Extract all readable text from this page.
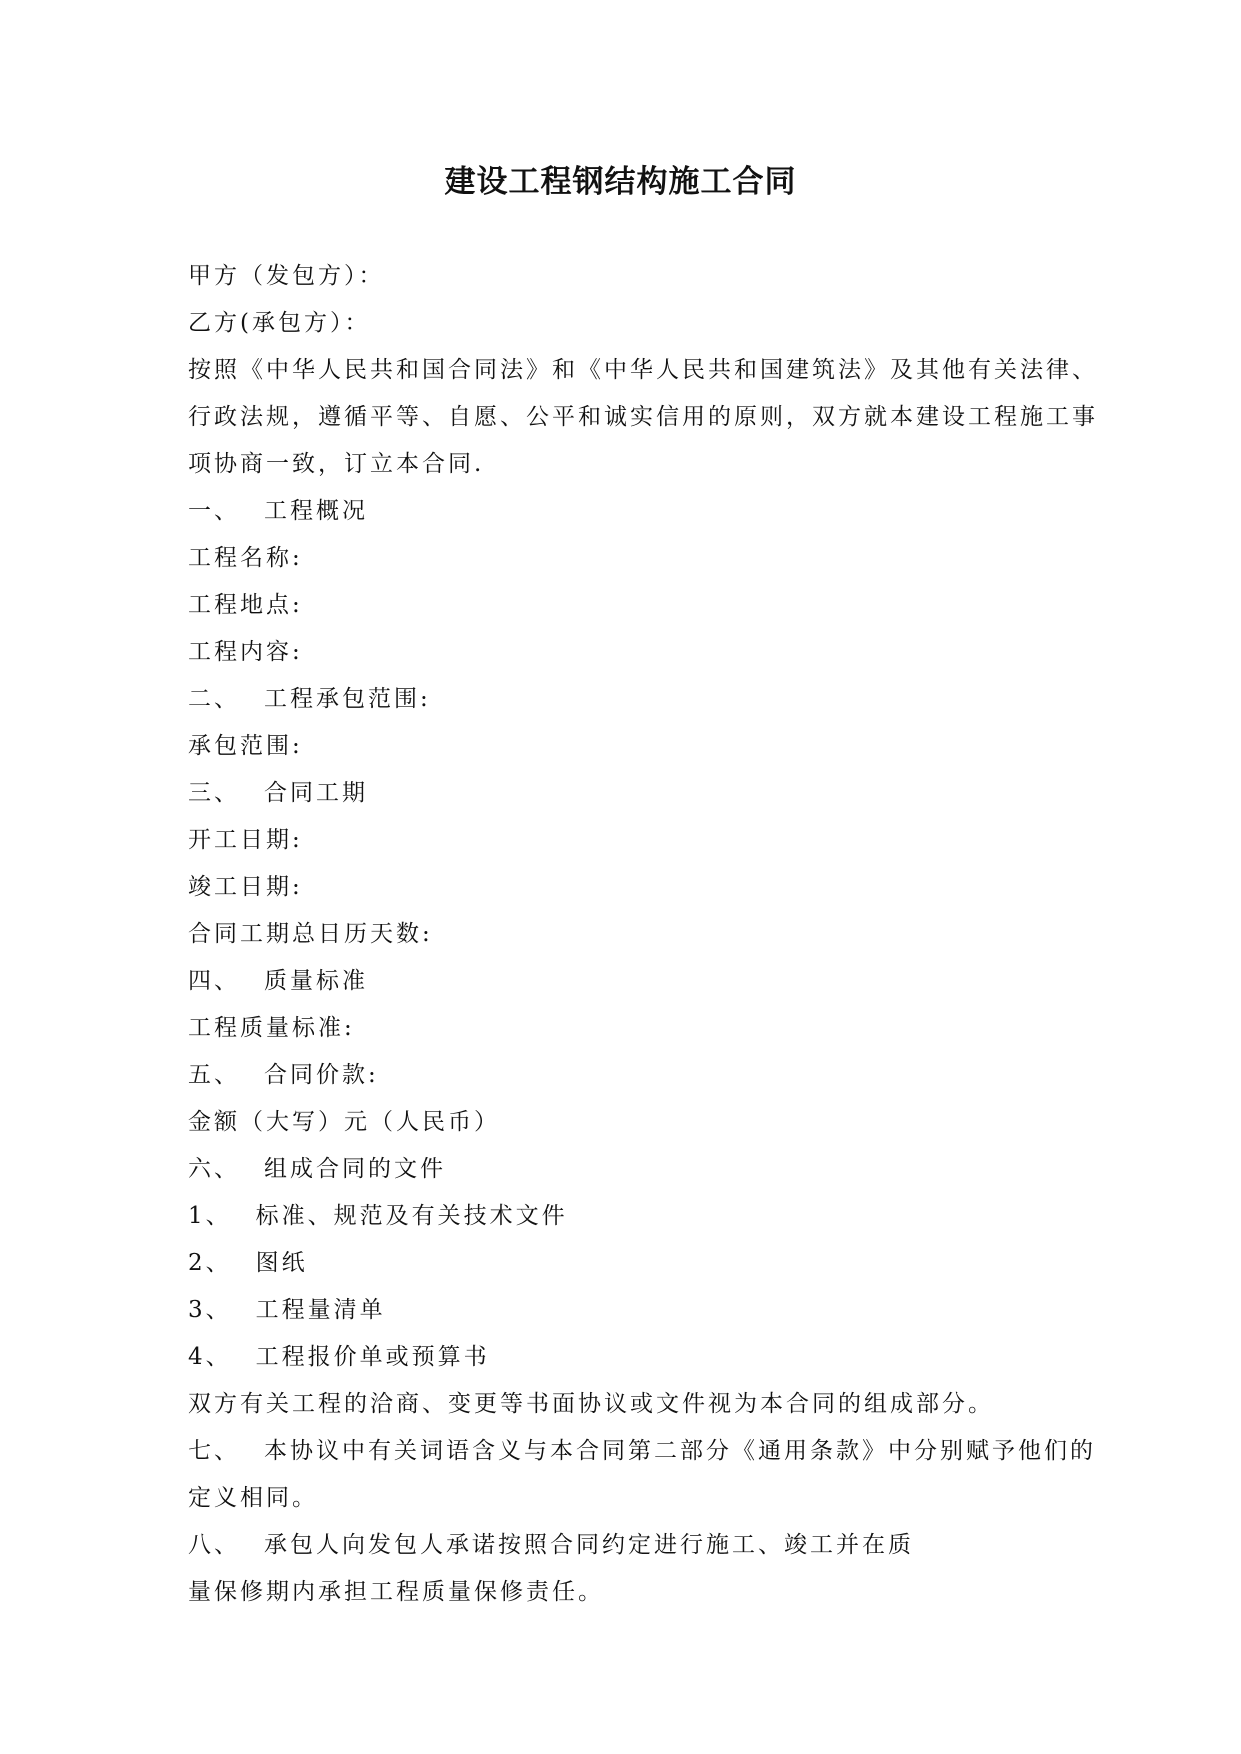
建设工程钢结构施工合同
甲方（发包方）：
乙方(承包方）：
按照《中华人民共和国合同法》和《中华人民共和国建筑法》及其他有关法律、
行政法规，遵循平等、自愿、公平和诚实信用的原则，双方就本建设工程施工事
项协商一致，订立本合同.
一、 工程概况
工程名称:
工程地点:
工程内容:
二、 工程承包范围:
承包范围:
三、 合同工期
开工日期:
竣工日期:
合同工期总日历天数:
四、 质量标准
工程质量标准:
五、 合同价款:
金额（大写）元（人民币）
六、 组成合同的文件
1、 标准、规范及有关技术文件
2、 图纸
3、 工程量清单
4、 工程报价单或预算书
双方有关工程的洽商、变更等书面协议或文件视为本合同的组成部分。
七、 本协议中有关词语含义与本合同第二部分《通用条款》中分别赋予他们的
定义相同。
八、 承包人向发包人承诺按照合同约定进行施工、竣工并在质
量保修期内承担工程质量保修责任。
